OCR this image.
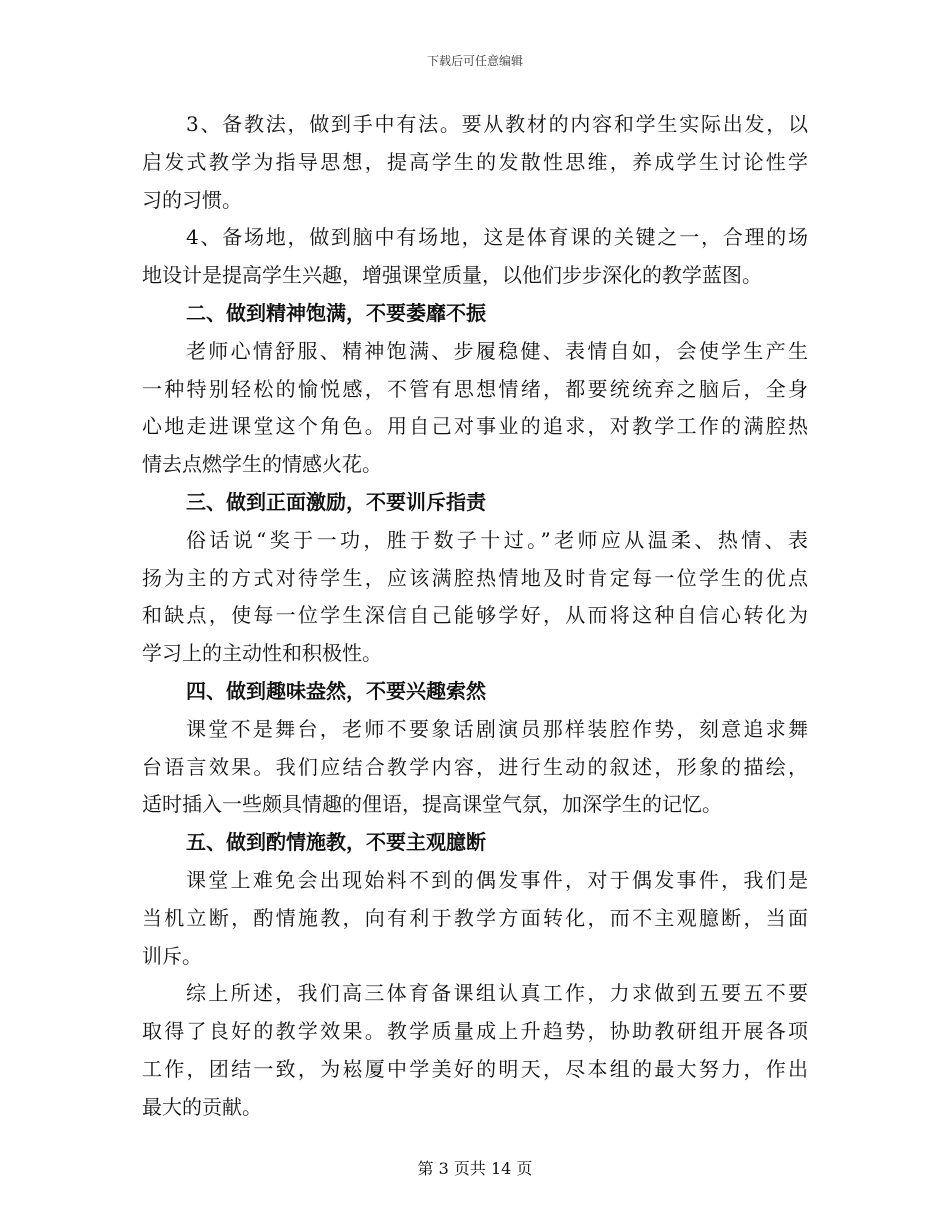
下载后可任意编辑
3、备教法，做到手中有法。要从教材的内容和学生实际出发，以
启发式教学为指导思想，提高学生的发散性思维，养成学生讨论性学
习的习惯。
4、备场地，做到脑中有场地，这是体育课的关键之一，合理的场
地设计是提高学生兴趣，增强课堂质量，以他们步步深化的教学蓝图。
二、做到精神饱满，不要萎靡不振
老师心情舒服、精神饱满、步履稳健、表情自如，会使学生产生
一种特别轻松的愉悦感，不管有思想情绪，都要统统弃之脑后，全身
心地走进课堂这个角色。用自己对事业的追求，对教学工作的满腔热
情去点燃学生的情感火花。
三、做到正面激励，不要训斥指责
俗话说“奖于一功，胜于数子十过。”老师应从温柔、热情、表
扬为主的方式对待学生，应该满腔热情地及时肯定每一位学生的优点
和缺点，使每一位学生深信自己能够学好，从而将这种自信心转化为
学习上的主动性和积极性。
四、做到趣味盎然，不要兴趣索然
课堂不是舞台，老师不要象话剧演员那样装腔作势，刻意追求舞
台语言效果。我们应结合教学内容，进行生动的叙述，形象的描绘，
适时插入一些颇具情趣的俚语，提高课堂气氛，加深学生的记忆。
五、做到酌情施教，不要主观臆断
课堂上难免会出现始料不到的偶发事件，对于偶发事件，我们是
当机立断，酌情施教，向有利于教学方面转化，而不主观臆断，当面
训斥。
综上所述，我们高三体育备课组认真工作，力求做到五要五不要
取得了良好的教学效果。教学质量成上升趋势，协助教研组开展各项
工作，团结一致，为崧厦中学美好的明天，尽本组的最大努力，作出
最大的贡献。
第 3 页共 14 页
